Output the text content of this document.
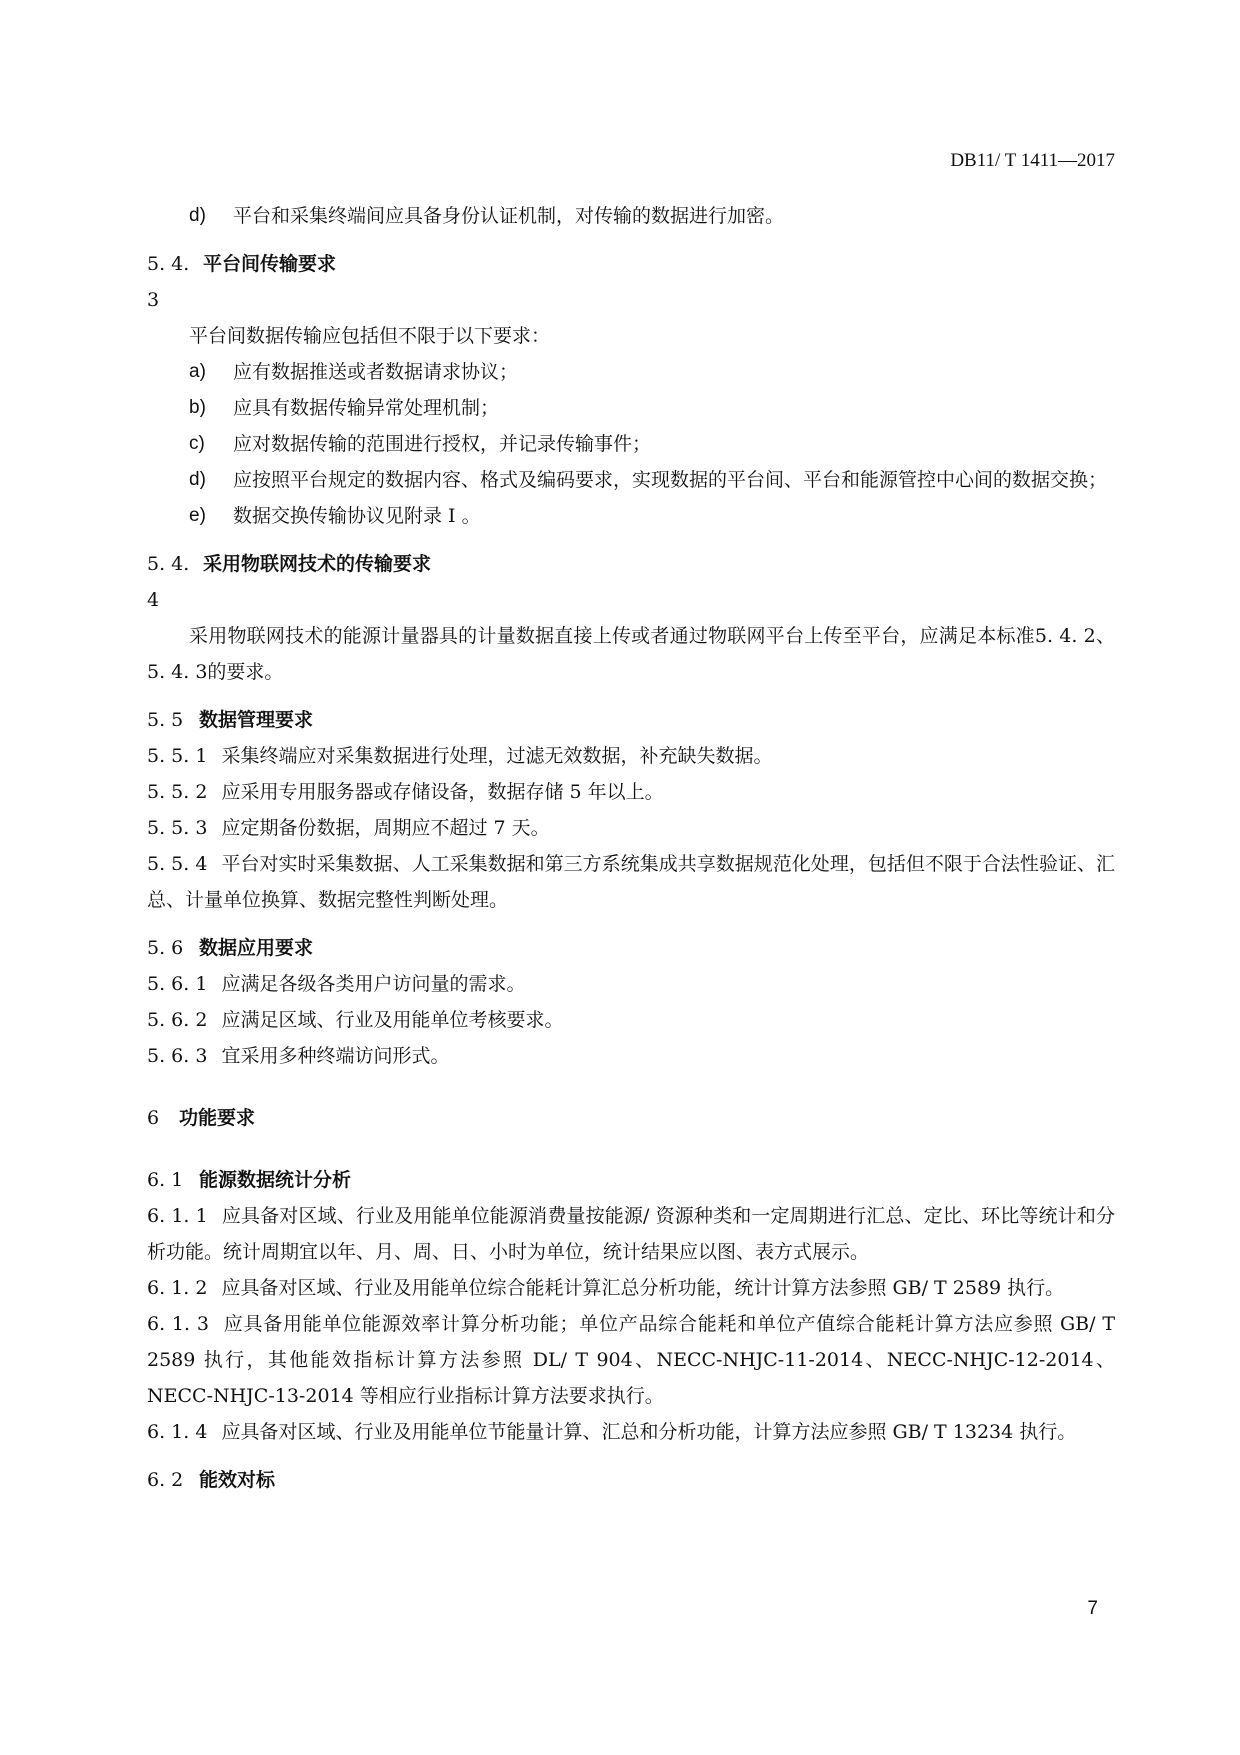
DB11/ T 1411—2017
d)	平台和采集终端间应具备身份认证机制，对传输的数据进行加密。
5. 4. 3
平台间传输要求

平台间数据传输应包括但不限于以下要求：

a)	应有数据推送或者数据请求协议；
b)	应具有数据传输异常处理机制；
c)	应对数据传输的范围进行授权，并记录传输事件；
d)	应按照平台规定的数据内容、格式及编码要求，实现数据的平台间、平台和能源管控中心间的数据交换；
e)	数据交换传输协议见附录 I 。
5. 4. 4
采用物联网技术的传输要求

采用物联网技术的能源计量器具的计量数据直接上传或者通过物联网平台上传至平台，应满足本标准5. 4. 2、5. 4. 3的要求。

5. 5 数据管理要求

5. 5. 1 采集终端应对采集数据进行处理，过滤无效数据，补充缺失数据。

5. 5. 2 应采用专用服务器或存储设备，数据存储 5 年以上。

5. 5. 3 应定期备份数据，周期应不超过 7 天。

5. 5. 4 平台对实时采集数据、人工采集数据和第三方系统集成共享数据规范化处理，包括但不限于合法性验证、汇总、计量单位换算、数据完整性判断处理。

5. 6 数据应用要求

5. 6. 1 应满足各级各类用户访问量的需求。

5. 6. 2 应满足区域、行业及用能单位考核要求。

5. 6. 3 宜采用多种终端访问形式。

6	功能要求
6. 1 能源数据统计分析

6. 1. 1 应具备对区域、行业及用能单位能源消费量按能源/ 资源种类和一定周期进行汇总、定比、环比等统计和分析功能。统计周期宜以年、月、周、日、小时为单位，统计结果应以图、表方式展示。

6. 1. 2 应具备对区域、行业及用能单位综合能耗计算汇总分析功能，统计计算方法参照 GB/ T 2589 执行。

6. 1. 3 应具备用能单位能源效率计算分析功能；单位产品综合能耗和单位产值综合能耗计算方法应参照 GB/ T 2589 执行，其他能效指标计算方法参照 DL/ T 904、NECC-NHJC-11-2014、NECC-NHJC-12-2014、NECC-NHJC-13-2014 等相应行业指标计算方法要求执行。

6. 1. 4 应具备对区域、行业及用能单位节能量计算、汇总和分析功能，计算方法应参照 GB/ T 13234 执行。

6. 2 能效对标
7
